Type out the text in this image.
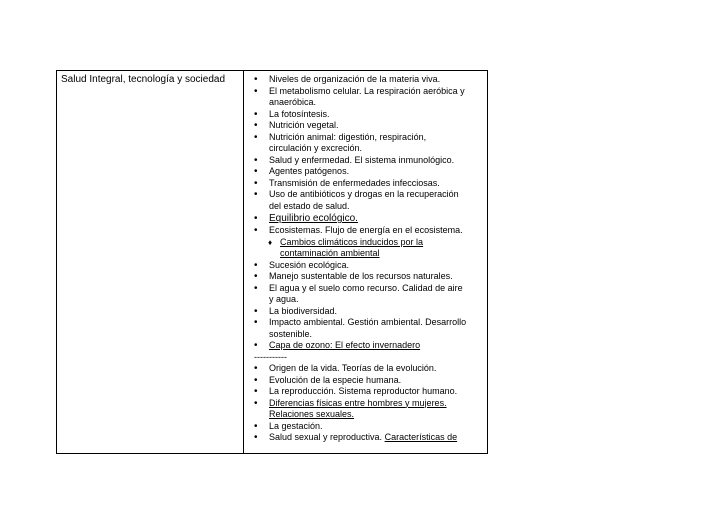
Salud Integral, tecnología y sociedad	• Niveles de organización de la materia viva.
• El metabolismo celular. La respiración aeróbica y
anaeróbica.
• La fotosíntesis.
• Nutrición vegetal.
• Nutrición animal: digestión, respiración,
circulación y excreción.
• Salud y enfermedad. El sistema inmunológico.
• Agentes patógenos.
• Transmisión de enfermedades infecciosas.
• Uso de antibióticos y drogas en la recuperación
del estado de salud.
• Equilibrio ecológico.
• Ecosistemas. Flujo de energía en el ecosistema.
♦ Cambios climáticos inducidos por la
contaminación ambiental
• Sucesión ecológica.
• Manejo sustentable de los recursos naturales.
• El agua y el suelo como recurso. Calidad de aire
y agua.
• La biodiversidad.
• Impacto ambiental. Gestión ambiental. Desarrollo
sostenible.
• Capa de ozono: El efecto invernadero
-----------
• Origen de la vida. Teorías de la evolución.
• Evolución de la especie humana.
• La reproducción. Sistema reproductor humano.
• Diferencias físicas entre hombres y mujeres.
Relaciones sexuales.
• La gestación.
• Salud sexual y reproductiva. Características de
